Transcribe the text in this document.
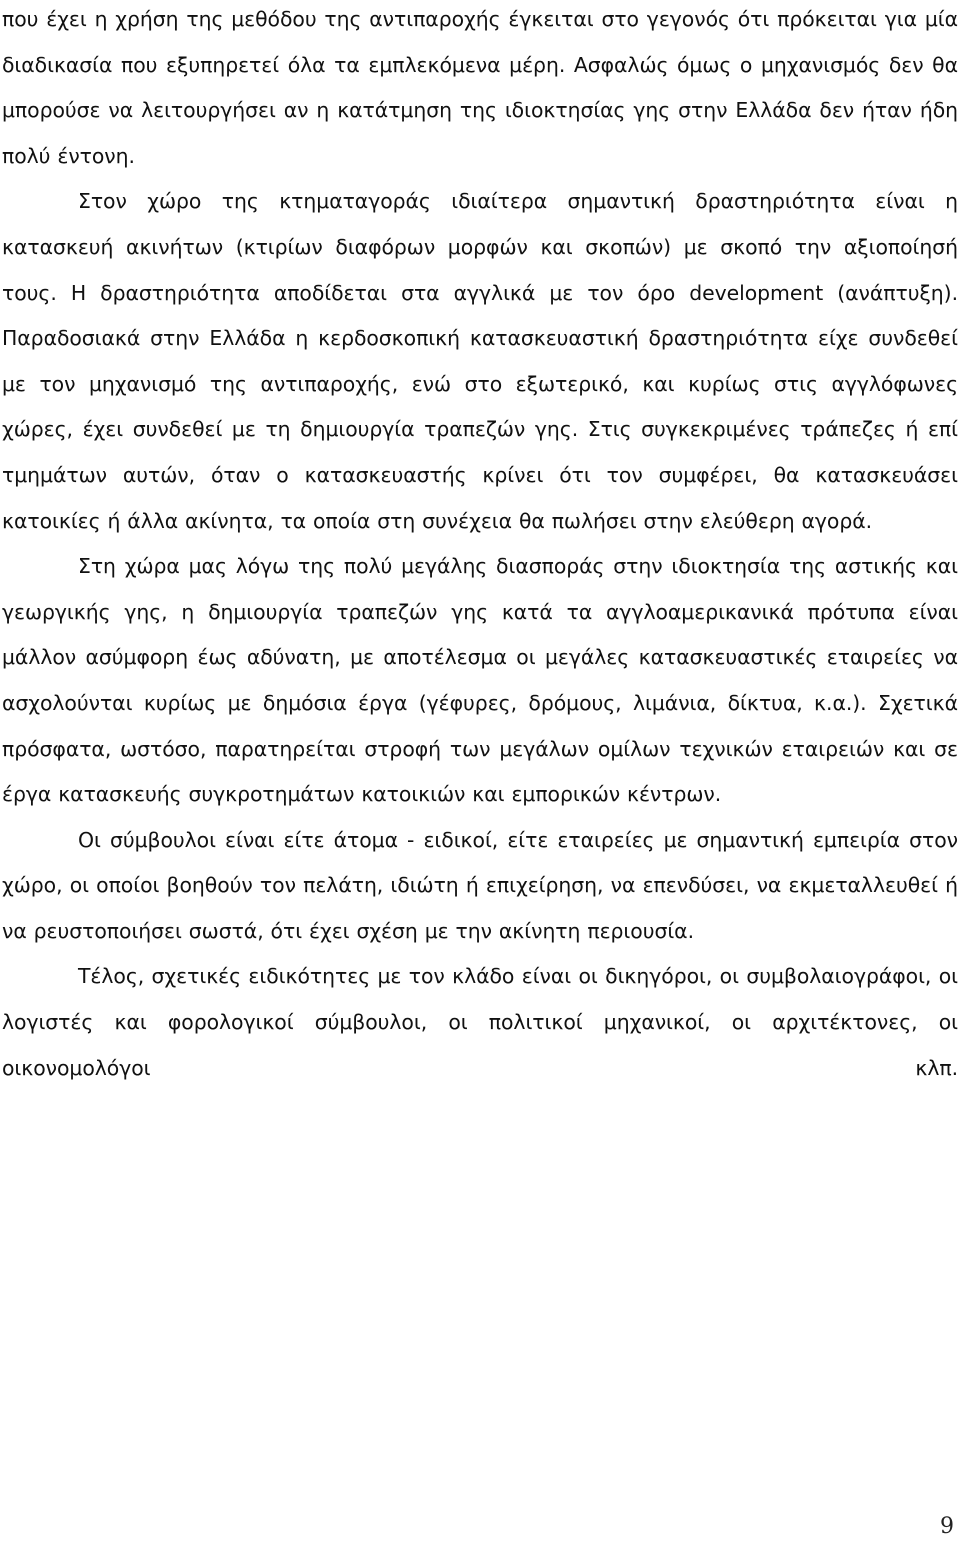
που έχει η χρήση της μεθόδου της αντιπαροχής έγκειται στο γεγονός ότι πρόκειται για μία διαδικασία που εξυπηρετεί όλα τα εμπλεκόμενα μέρη. Ασφαλώς όμως ο μηχανισμός δεν θα μπορούσε να λειτουργήσει αν η κατάτμηση της ιδιοκτησίας γης στην Ελλάδα δεν ήταν ήδη πολύ έντονη.

Στον χώρο της κτηματαγοράς ιδιαίτερα σημαντική δραστηριότητα είναι η κατασκευή ακινήτων (κτιρίων διαφόρων μορφών και σκοπών) με σκοπό την αξιοποίησή τους. Η δραστηριότητα αποδίδεται στα αγγλικά με τον όρο development (ανάπτυξη). Παραδοσιακά στην Ελλάδα η κερδοσκοπική κατασκευαστική δραστηριότητα είχε συνδεθεί με τον μηχανισμό της αντιπαροχής, ενώ στο εξωτερικό, και κυρίως στις αγγλόφωνες χώρες, έχει συνδεθεί με τη δημιουργία τραπεζών γης. Στις συγκεκριμένες τράπεζες ή επί τμημάτων αυτών, όταν ο κατασκευαστής κρίνει ότι τον συμφέρει, θα κατασκευάσει κατοικίες ή άλλα ακίνητα, τα οποία στη συνέχεια θα πωλήσει στην ελεύθερη αγορά.

Στη χώρα μας λόγω της πολύ μεγάλης διασποράς στην ιδιοκτησία της αστικής και γεωργικής γης, η δημιουργία τραπεζών γης κατά τα αγγλοαμερικανικά πρότυπα είναι μάλλον ασύμφορη έως αδύνατη, με αποτέλεσμα οι μεγάλες κατασκευαστικές εταιρείες να ασχολούνται κυρίως με δημόσια έργα (γέφυρες, δρόμους, λιμάνια, δίκτυα, κ.α.). Σχετικά πρόσφατα, ωστόσο, παρατηρείται στροφή των μεγάλων ομίλων τεχνικών εταιρειών και σε έργα κατασκευής συγκροτημάτων κατοικιών και εμπορικών κέντρων.

Οι σύμβουλοι είναι είτε άτομα - ειδικοί, είτε εταιρείες με σημαντική εμπειρία στον χώρο, οι οποίοι βοηθούν τον πελάτη, ιδιώτη ή επιχείρηση, να επενδύσει, να εκμεταλλευθεί ή να ρευστοποιήσει σωστά, ότι έχει σχέση με την ακίνητη περιουσία.

Τέλος, σχετικές ειδικότητες με τον κλάδο είναι οι δικηγόροι, οι συμβολαιογράφοι, οι λογιστές και φορολογικοί σύμβουλοι, οι πολιτικοί μηχανικοί, οι αρχιτέκτονες, οι οικονομολόγοι κλπ.

9
